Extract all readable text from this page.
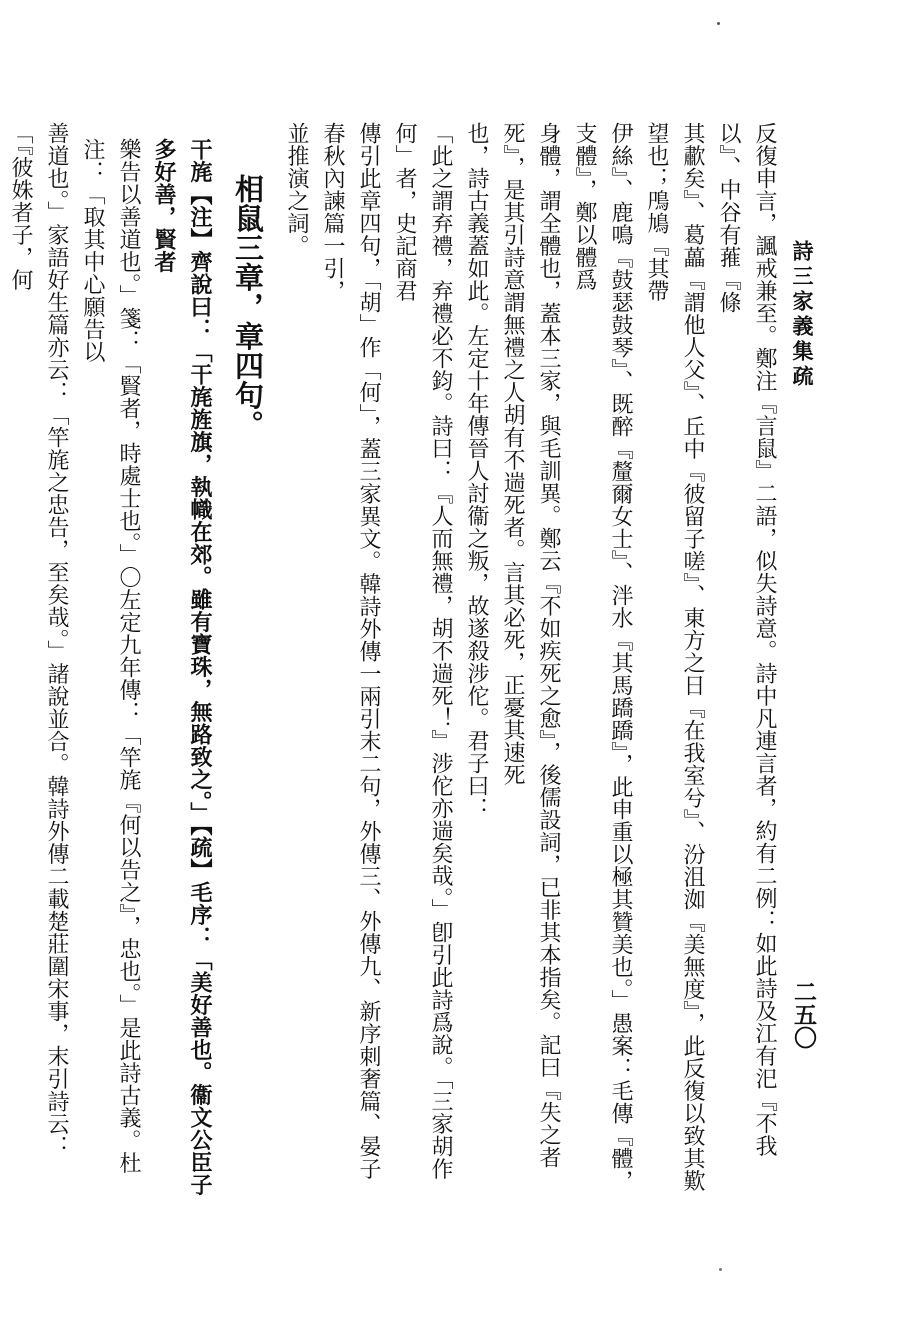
詩三家義集疏
二五〇

反復申言，諷戒兼至。鄭注『言鼠』二語，似失詩意。詩中凡連言者，約有二例：如此詩及江有汜『不我以』、中谷有蓷『條

其歗矣』、葛藟『謂他人父』、丘中『彼留子嗟』、東方之日『在我室兮』、汾沮洳『美無度』，此反復以致其歎望也；鳲鳩『其帶

伊絲』、鹿鳴『鼓瑟鼓琴』、既醉『釐爾女士』、泮水『其馬蹻蹻』，此申重以極其贊美也。」愚案：毛傳『體，支體』，鄭以體爲

身體，謂全體也，蓋本三家，與毛訓異。鄭云『不如疾死之愈』，後儒設詞，已非其本指矣。記曰『失之者死』，是其引詩意謂無禮之人胡有不遄死者。言其必死，正憂其速死

也，詩古義蓋如此。左定十年傳晉人討衞之叛，故遂殺涉佗。君子曰：

「此之謂弃禮，弃禮必不鈞。詩曰：『人而無禮，胡不遄死！』涉佗亦遄矣哉。」卽引此詩爲說。「三家胡作何」者，史記商君

傳引此章四句，「胡」作「何」，蓋三家異文。韓詩外傳一兩引末二句，外傳三、外傳九、新序刺奢篇、晏子春秋內諫篇一引，

並推演之詞。

相鼠三章，章四句。

干旄【注】齊說曰：「干旄旌旗，執幟在郊。雖有寶珠，無路致之。」【疏】毛序：「美好善也。衞文公臣子多好善，賢者

樂告以善道也。」箋：「賢者，時處士也。」〇左定九年傳：「竿旄『何以告之』，忠也。」是此詩古義。杜注：「取其中心願告以

善道也。」家語好生篇亦云：「竿旄之忠告，至矣哉。」諸說並合。韓詩外傳二載楚莊圍宋事，末引詩云：「『彼姝者子，何
